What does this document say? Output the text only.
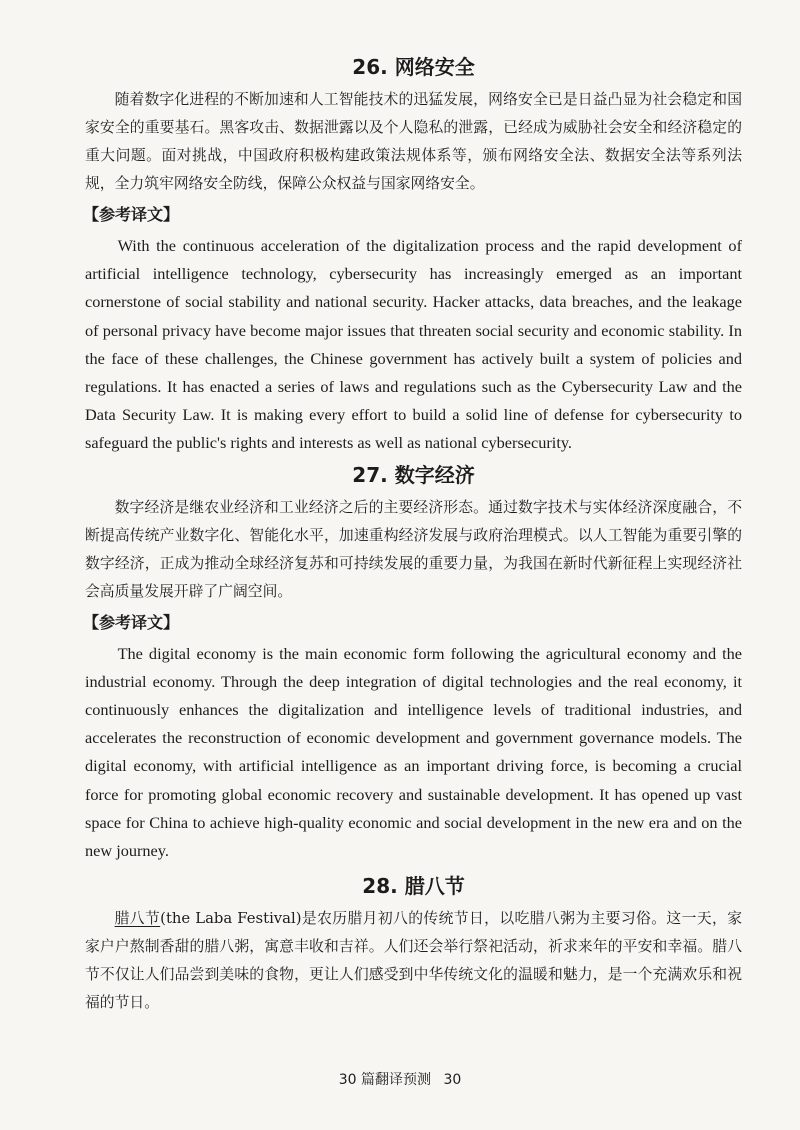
26. 网络安全

随着数字化进程的不断加速和人工智能技术的迅猛发展，网络安全已是日益凸显为社会稳定和国家安全的重要基石。黑客攻击、数据泄露以及个人隐私的泄露，已经成为威胁社会安全和经济稳定的重大问题。面对挑战，中国政府积极构建政策法规体系等，颁布网络安全法、数据安全法等系列法规，全力筑牢网络安全防线，保障公众权益与国家网络安全。

【参考译文】

With the continuous acceleration of the digitalization process and the rapid development of artificial intelligence technology, cybersecurity has increasingly emerged as an important cornerstone of social stability and national security. Hacker attacks, data breaches, and the leakage of personal privacy have become major issues that threaten social security and economic stability. In the face of these challenges, the Chinese government has actively built a system of policies and regulations. It has enacted a series of laws and regulations such as the Cybersecurity Law and the Data Security Law. It is making every effort to build a solid line of defense for cybersecurity to safeguard the public's rights and interests as well as national cybersecurity.

27. 数字经济

数字经济是继农业经济和工业经济之后的主要经济形态。通过数字技术与实体经济深度融合，不断提高传统产业数字化、智能化水平，加速重构经济发展与政府治理模式。以人工智能为重要引擎的数字经济，正成为推动全球经济复苏和可持续发展的重要力量，为我国在新时代新征程上实现经济社会高质量发展开辟了广阔空间。

【参考译文】

The digital economy is the main economic form following the agricultural economy and the industrial economy. Through the deep integration of digital technologies and the real economy, it continuously enhances the digitalization and intelligence levels of traditional industries, and accelerates the reconstruction of economic development and government governance models. The digital economy, with artificial intelligence as an important driving force, is becoming a crucial force for promoting global economic recovery and sustainable development. It has opened up vast space for China to achieve high-quality economic and social development in the new era and on the new journey.

28. 腊八节

腊八节(the Laba Festival)是农历腊月初八的传统节日，以吃腊八粥为主要习俗。这一天，家家户户熬制香甜的腊八粥，寓意丰收和吉祥。人们还会举行祭祀活动，祈求来年的平安和幸福。腊八节不仅让人们品尝到美味的食物，更让人们感受到中华传统文化的温暖和魅力，是一个充满欢乐和祝福的节日。

30 篇翻译预测 30
